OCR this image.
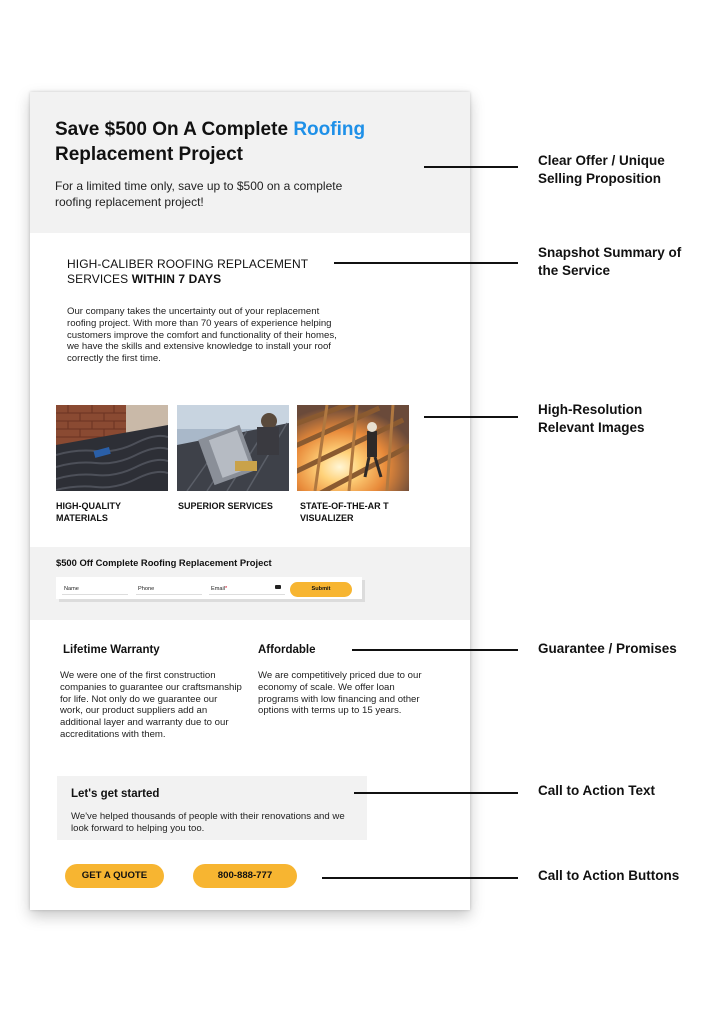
Save $500 On A Complete Roofing Replacement Project
For a limited time only, save up to $500 on a complete roofing replacement project!
HIGH-CALIBER ROOFING REPLACEMENT SERVICES WITHIN 7 DAYS
Our company takes the uncertainty out of your replacement roofing project. With more than 70 years of experience helping customers improve the comfort and functionality of their homes, we have the skills and extensive knowledge to install your roof correctly the first time.
HIGH-QUALITY MATERIALS
SUPERIOR SERVICES	STATE-OF-THE-AR T VISUALIZER
$500 Off Complete Roofing Replacement Project
Name	Phone	Email*	Submit
Lifetime Warranty
We were one of the first construction companies to guarantee our craftsmanship for life. Not only do we guarantee our work, our product suppliers add an additional layer and warranty due to our accreditations with them.
Affordable
We are competitively priced due to our economy of scale. We offer loan programs with low financing and other options with terms up to 15 years.
Let's get started
We've helped thousands of people with their renovations and we look forward to helping you too.
GET A QUOTE	800-888-777
Clear Offer / Unique Selling Proposition
Snapshot Summary of the Service
High-Resolution Relevant Images
Guarantee / Promises
Call to Action Text
Call to Action Buttons
